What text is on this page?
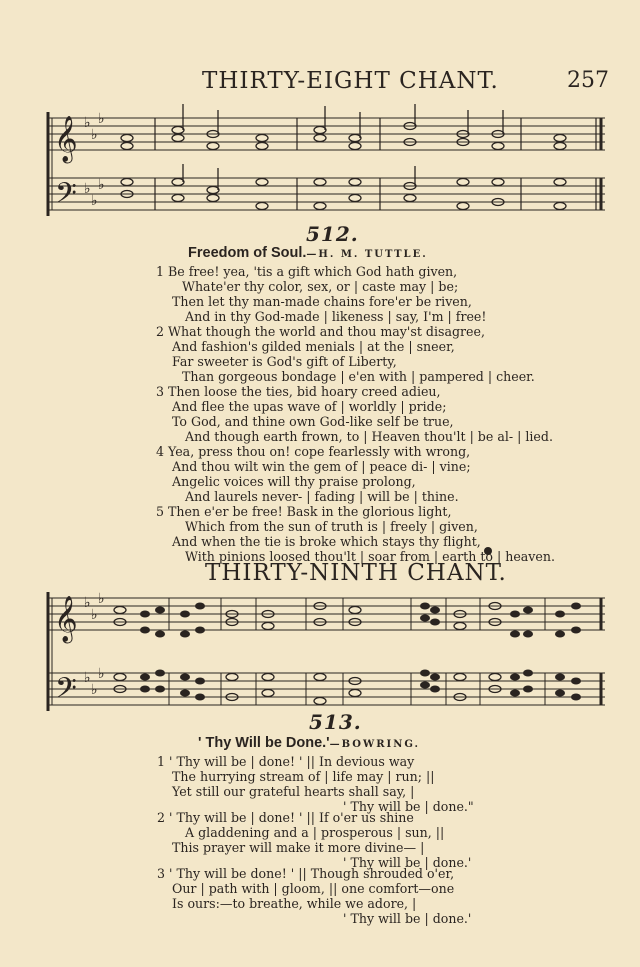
THIRTY-EIGHT CHANT.	257
𝄞
𝄢
♭
♭
♭
♭
♭
♭
𝄞
𝄢
♭
♭
♭
♭
♭
♭
512.
Freedom of Soul.—H. M. TUTTLE.
1 Be free! yea, 'tis a gift which God hath given,
Whate'er thy color, sex, or | caste may | be;
Then let thy man-made chains fore'er be riven,
And in thy God-made | likeness | say, I'm | free!
2 What though the world and thou may'st disagree,
And fashion's gilded menials | at the | sneer,
Far sweeter is God's gift of Liberty,
Than gorgeous bondage | e'en with | pampered | cheer.
3 Then loose the ties, bid hoary creed adieu,
And flee the upas wave of | worldly | pride;
To God, and thine own God-like self be true,
And though earth frown, to | Heaven thou'lt | be al- | lied.
4 Yea, press thou on! cope fearlessly with wrong,
And thou wilt win the gem of | peace di- | vine;
Angelic voices will thy praise prolong,
And laurels never- | fading | will be | thine.
5 Then e'er be free! Bask in the glorious light,
Which from the sun of truth is | freely | given,
And when the tie is broke which stays thy flight,
With pinions loosed thou'lt | soar from | earth to | heaven.
THIRTY-NINTH CHANT.
513.
' Thy Will be Done.'—BOWRING.
1 ' Thy will be | done! ' || In devious way
The hurrying stream of | life may | run; ||
Yet still our grateful hearts shall say, |
' Thy will be | done."
2 ' Thy will be | done! ' || If o'er us shine
A gladdening and a | prosperous | sun, ||
This prayer will make it more divine— |
' Thy will be | done.'
3 ' Thy will be done! ' || Though shrouded o'er,
Our | path with | gloom, || one comfort—one
Is ours:—to breathe, while we adore, |
' Thy will be | done.'
